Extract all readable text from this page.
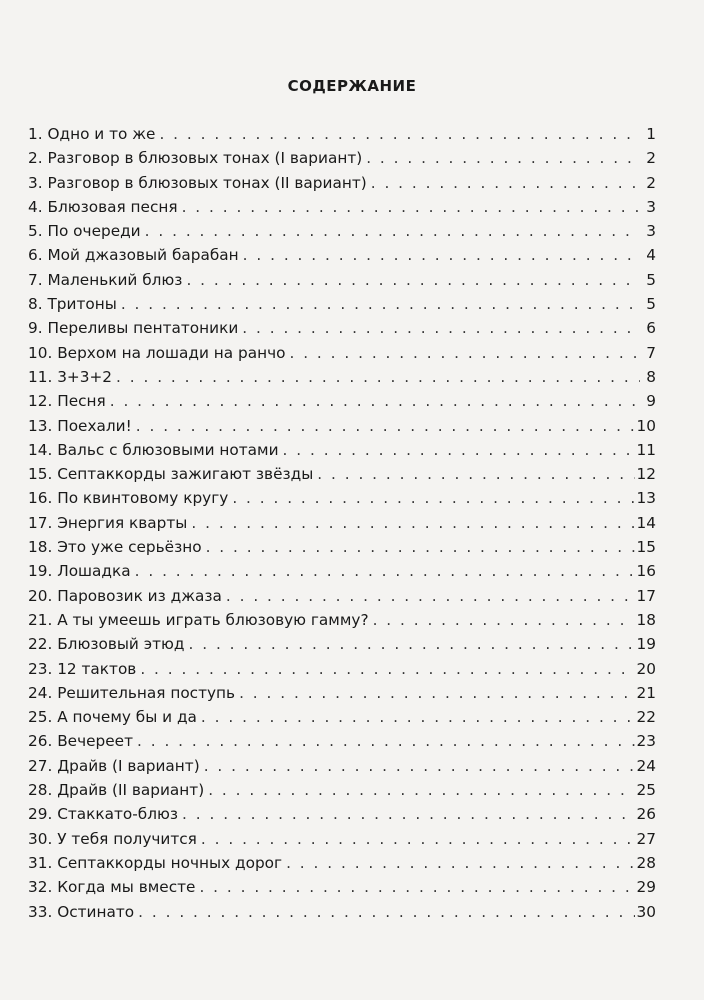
СОДЕРЖАНИЕ
1. Одно и то же . . .	1
2. Разговор в блюзовых тонах (I вариант) . . .	2
3. Разговор в блюзовых тонах (II вариант) . . .	2
4. Блюзовая песня . . .	3
5. По очереди . . .	3
6. Мой джазовый барабан . . .	4
7. Маленький блюз . . .	5
8. Тритоны . . .	5
9. Переливы пентатоники . . .	6
10. Верхом на лошади на ранчо . . .	7
11. 3+3+2 . . .	8
12. Песня . . .	9
13. Поехали! . . .	10
14. Вальс с блюзовыми нотами . . .	11
15. Септаккорды зажигают звёзды . . .	12
16. По квинтовому кругу . . .	13
17. Энергия кварты . . .	14
18. Это уже серьёзно . . .	15
19. Лошадка . . .	16
20. Паровозик из джаза . . .	17
21. А ты умеешь играть блюзовую гамму? . . .	18
22. Блюзовый этюд . . .	19
23. 12 тактов . . .	20
24. Решительная поступь . . .	21
25. А почему бы и да . . .	22
26. Вечереет . . .	23
27. Драйв (I вариант) . . .	24
28. Драйв (II вариант) . . .	25
29. Стаккато-блюз . . .	26
30. У тебя получится . . .	27
31. Септаккорды ночных дорог . . .	28
32. Когда мы вместе . . .	29
33. Остинато . . .	30
